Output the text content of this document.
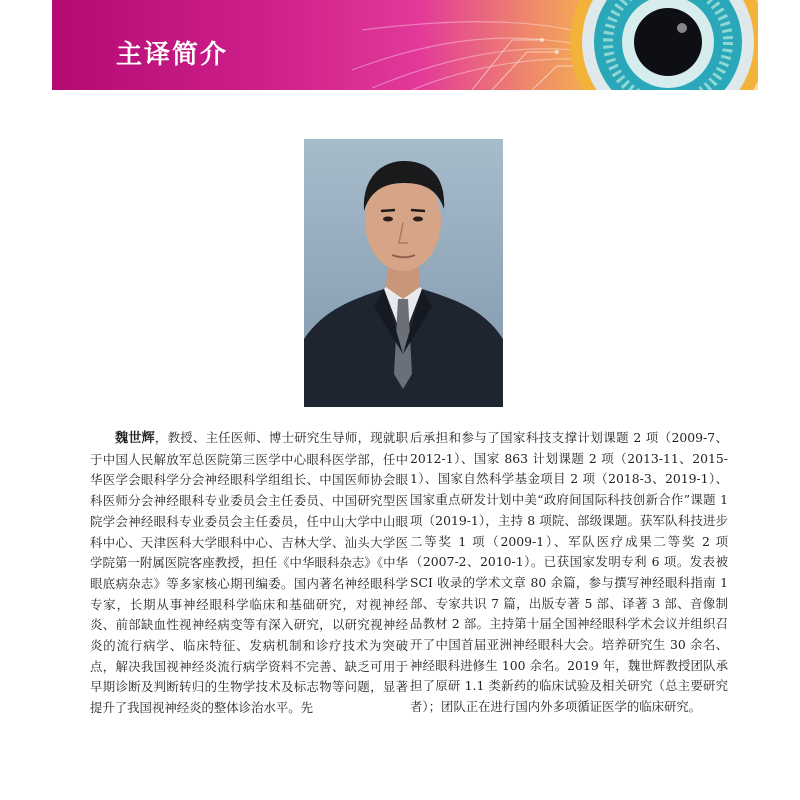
主译简介

魏世辉，教授、主任医师、博士研究生导师，现就职于中国人民解放军总医院第三医学中心眼科医学部，任中华医学会眼科学分会神经眼科学组组长、中国医师协会眼科医师分会神经眼科专业委员会主任委员、中国研究型医院学会神经眼科专业委员会主任委员，任中山大学中山眼科中心、天津医科大学眼科中心、吉林大学、汕头大学医学院第一附属医院客座教授，担任《中华眼科杂志》《中华眼底病杂志》等多家核心期刊编委。国内著名神经眼科学专家，长期从事神经眼科学临床和基础研究，对视神经炎、前部缺血性视神经病变等有深入研究，以研究视神经炎的流行病学、临床特征、发病机制和诊疗技术为突破点，解决我国视神经炎流行病学资料不完善、缺乏可用于早期诊断及判断转归的生物学技术及标志物等问题，显著提升了我国视神经炎的整体诊治水平。先

后承担和参与了国家科技支撑计划课题 2 项（2009-7、2012-1）、国家 863 计划课题 2 项（2013-11、2015-1）、国家自然科学基金项目 2 项（2018-3、2019-1）、国家重点研发计划中美“政府间国际科技创新合作”课题 1 项（2019-1），主持 8 项院、部级课题。获军队科技进步二等奖 1 项（2009-1）、军队医疗成果二等奖 2 项（2007-2、2010-1）。已获国家发明专利 6 项。发表被 SCI 收录的学术文章 80 余篇，参与撰写神经眼科指南 1 部、专家共识 7 篇，出版专著 5 部、译著 3 部、音像制品教材 2 部。主持第十届全国神经眼科学术会议并组织召开了中国首届亚洲神经眼科大会。培养研究生 30 余名、神经眼科进修生 100 余名。2019 年，魏世辉教授团队承担了原研 1.1 类新药的临床试验及相关研究（总主要研究者）；团队正在进行国内外多项循证医学的临床研究。
